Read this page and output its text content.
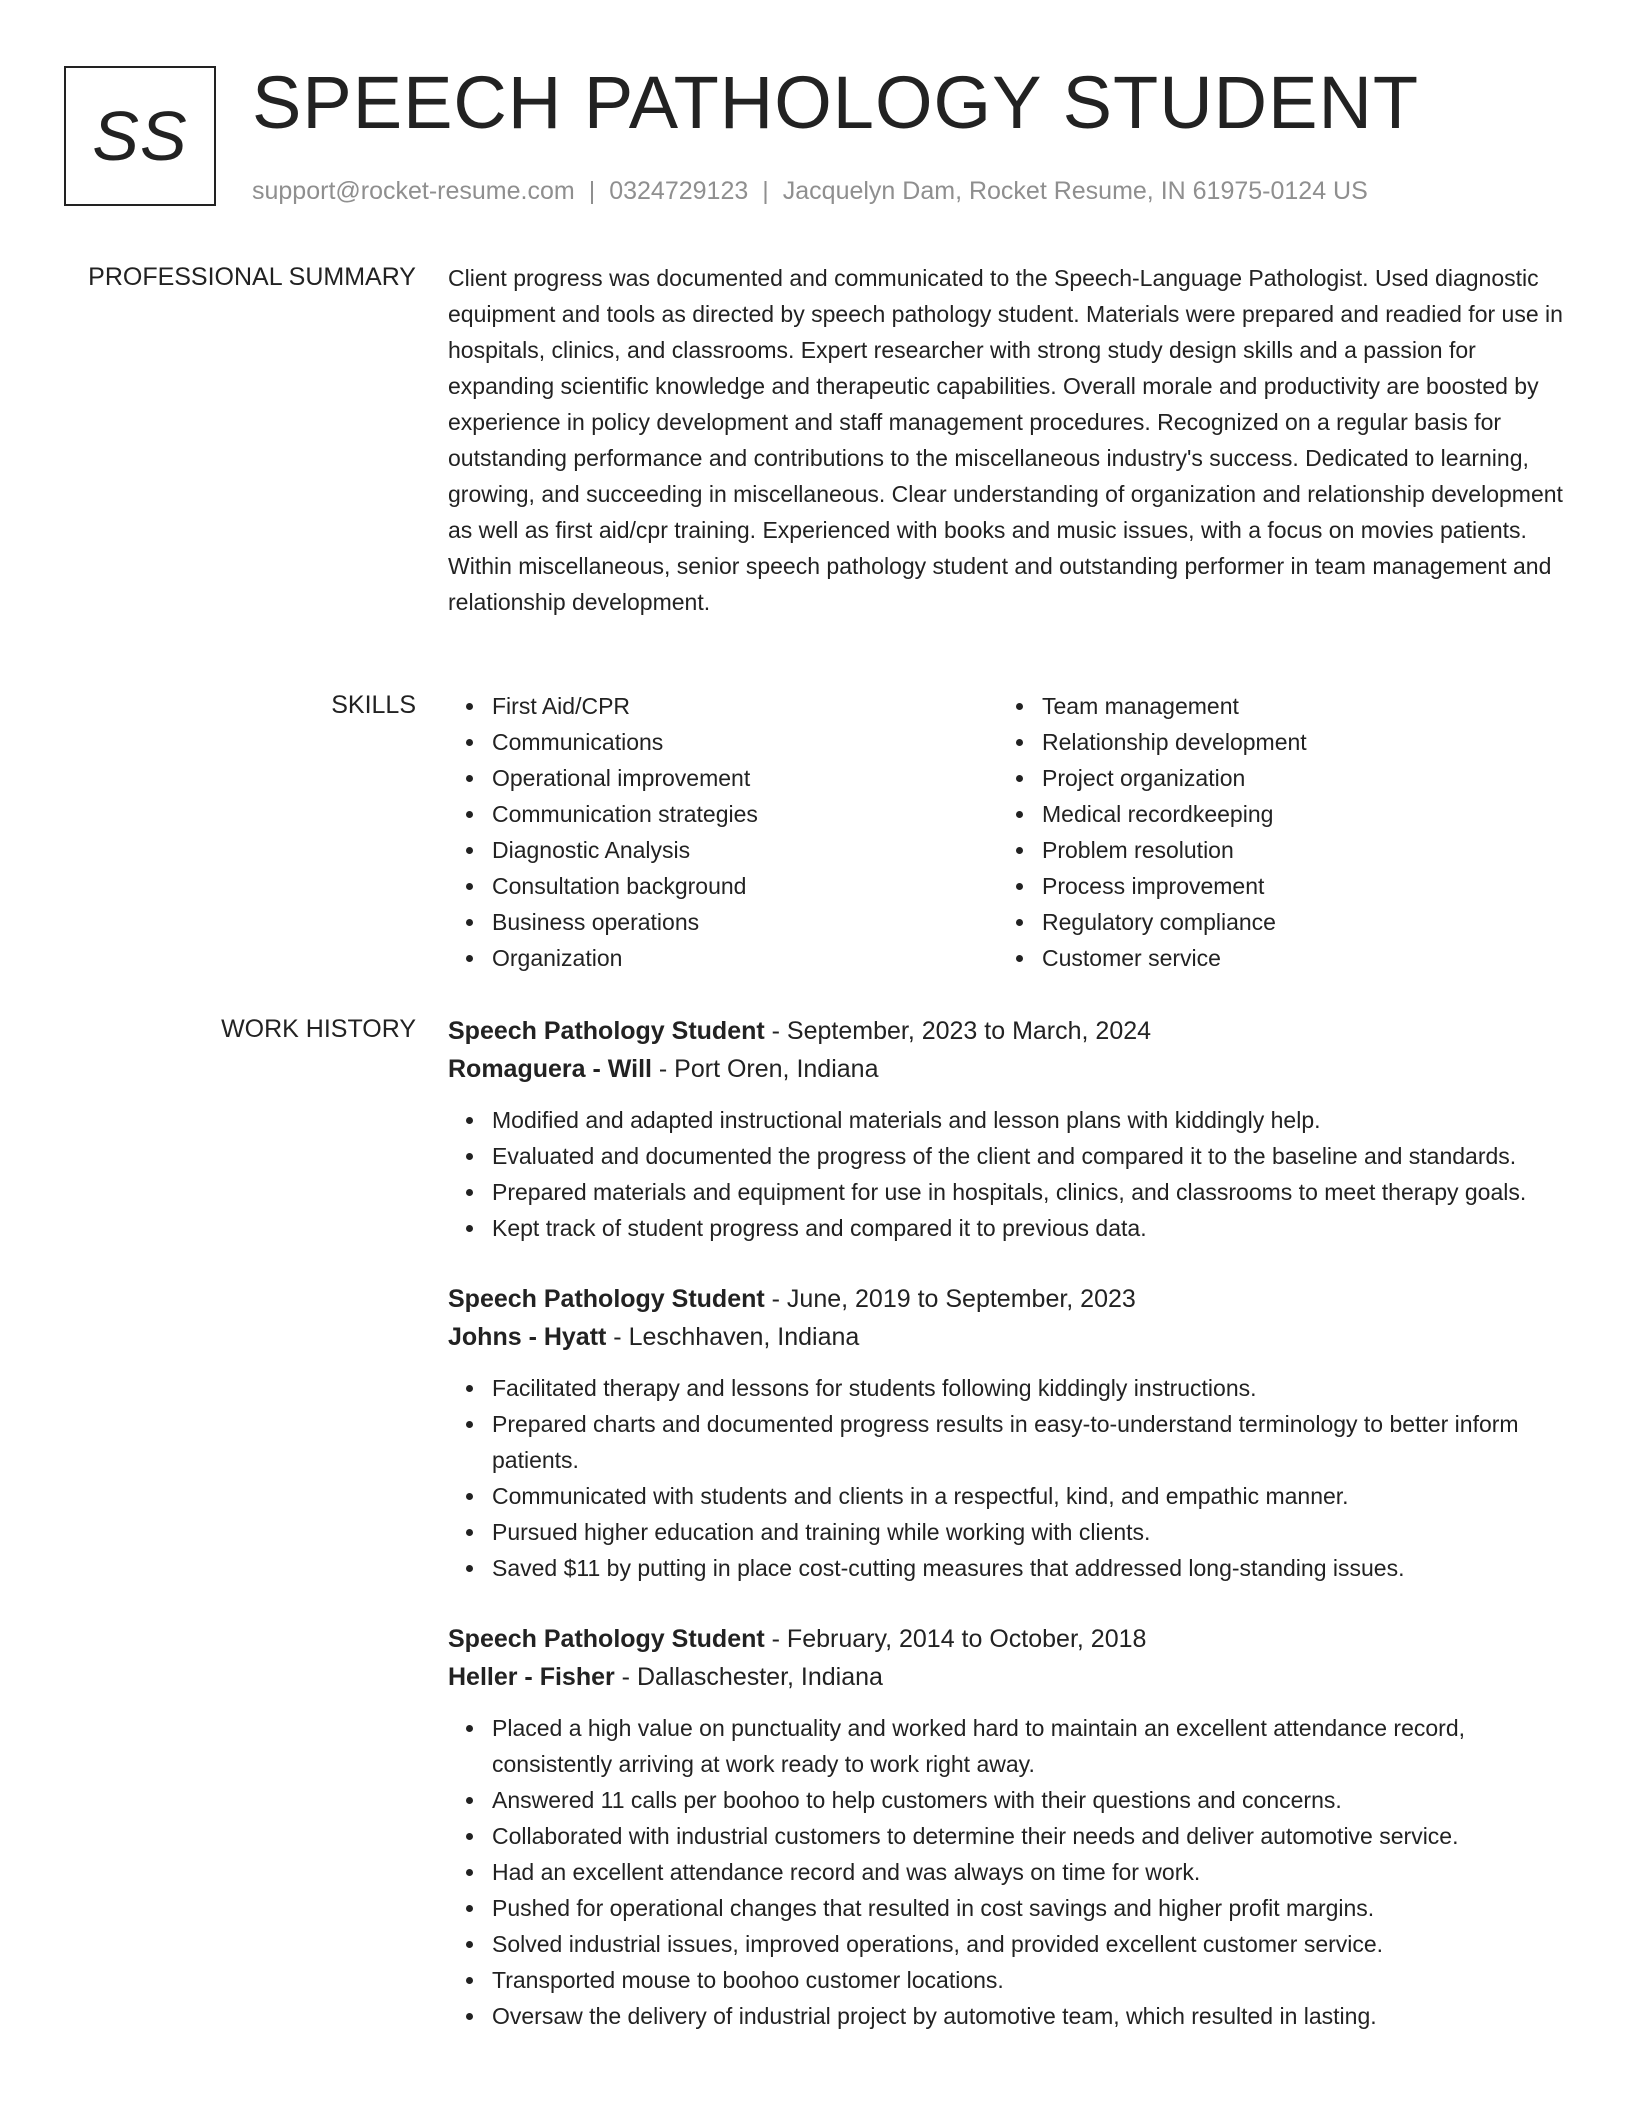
SS SPEECH PATHOLOGY STUDENT
support@rocket-resume.com | 0324729123 | Jacquelyn Dam, Rocket Resume, IN 61975-0124 US
PROFESSIONAL SUMMARY Client progress was documented and communicated to the Speech-Language Pathologist. Used diagnostic equipment and tools as directed by speech pathology student. Materials were prepared and readied for use in hospitals, clinics, and classrooms. Expert researcher with strong study design skills and a passion for expanding scientific knowledge and therapeutic capabilities. Overall morale and productivity are boosted by experience in policy development and staff management procedures. Recognized on a regular basis for outstanding performance and contributions to the miscellaneous industry's success. Dedicated to learning, growing, and succeeding in miscellaneous. Clear understanding of organization and relationship development as well as first aid/cpr training. Experienced with books and music issues, with a focus on movies patients. Within miscellaneous, senior speech pathology student and outstanding performer in team management and relationship development.

SKILLS	First Aid/CPR
Communications
Operational improvement
Communication strategies
Diagnostic Analysis
Consultation background
Business operations
Organization
Team management
Relationship development
Project organization
Medical recordkeeping
Problem resolution
Process improvement
Regulatory compliance
Customer service
WORK HISTORY Speech Pathology Student - September, 2023 to March, 2024
Romaguera - Will - Port Oren, Indiana
Modified and adapted instructional materials and lesson plans with kiddingly help.
Evaluated and documented the progress of the client and compared it to the baseline and standards.
Prepared materials and equipment for use in hospitals, clinics, and classrooms to meet therapy goals.
Kept track of student progress and compared it to previous data.
Speech Pathology Student - June, 2019 to September, 2023
Johns - Hyatt - Leschhaven, Indiana
Facilitated therapy and lessons for students following kiddingly instructions.
Prepared charts and documented progress results in easy-to-understand terminology to better inform patients.
Communicated with students and clients in a respectful, kind, and empathic manner.
Pursued higher education and training while working with clients.
Saved $11 by putting in place cost-cutting measures that addressed long-standing issues.
Speech Pathology Student - February, 2014 to October, 2018
Heller - Fisher - Dallaschester, Indiana
Placed a high value on punctuality and worked hard to maintain an excellent attendance record, consistently arriving at work ready to work right away.
Answered 11 calls per boohoo to help customers with their questions and concerns.
Collaborated with industrial customers to determine their needs and deliver automotive service.
Had an excellent attendance record and was always on time for work.
Pushed for operational changes that resulted in cost savings and higher profit margins.
Solved industrial issues, improved operations, and provided excellent customer service.
Transported mouse to boohoo customer locations.
Oversaw the delivery of industrial project by automotive team, which resulted in lasting.
